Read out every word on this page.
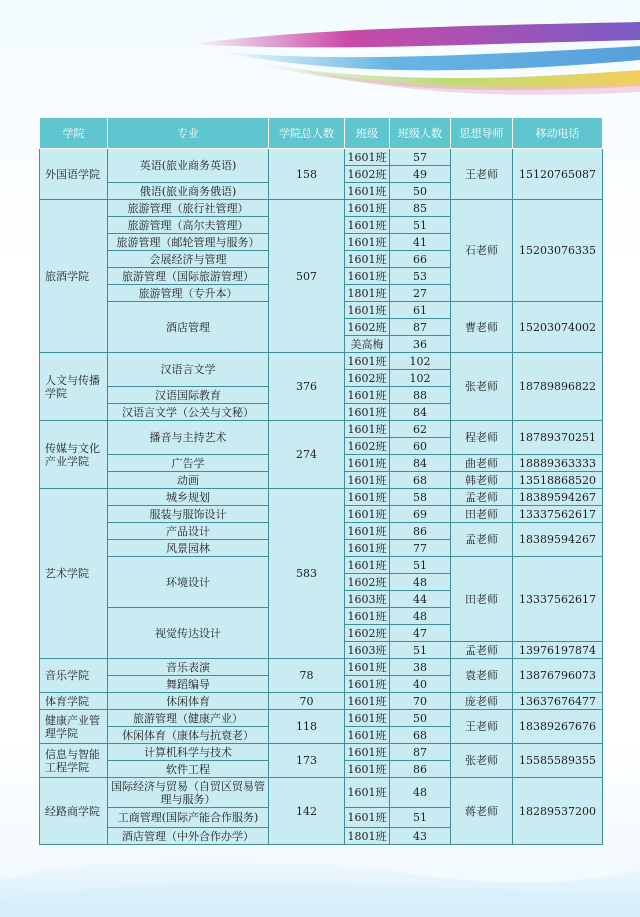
学院	专业	学院总人数	班级	班级人数	思想导师	移动电话
外国语学院	英语(旅业商务英语)	158	1601班	57	王老师	15120765087
			1602班	49		
	俄语(旅业商务俄语)		1601班	50		
旅酒学院	旅游管理（旅行社管理）	507	1601班	85	石老师	15203076335
	旅游管理（高尔夫管理）		1601班	51		
	旅游管理（邮轮管理与服务）		1601班	41		
	会展经济与管理		1601班	66		
	旅游管理（国际旅游管理）		1601班	53		
	旅游管理（专升本）		1801班	27		
	酒店管理		1601班	61	曹老师	15203074002
			1602班	87		
			美高梅	36		
人文与传播学院	汉语言文学	376	1601班	102	张老师	18789896822
			1602班	102		
	汉语国际教育		1601班	88		
	汉语言文学（公关与文秘）		1601班	84		
传媒与文化产业学院	播音与主持艺术	274	1601班	62	程老师	18789370251
			1602班	60		
	广告学		1601班	84	曲老师	18889363333
	动画		1601班	68	韩老师	13518868520
艺术学院	城乡规划	583	1601班	58	孟老师	18389594267
	服装与服饰设计		1601班	69	田老师	13337562617
	产品设计		1601班	86	孟老师	18389594267
	风景园林		1601班	77		
	环境设计		1601班	51	田老师	13337562617
			1602班	48		
			1603班	44		
	视觉传达设计		1601班	48		
			1602班	47		
			1603班	51	孟老师	13976197874
音乐学院	音乐表演	78	1601班	38	袁老师	13876796073
	舞蹈编导		1601班	40		
体育学院	休闲体育	70	1601班	70	庞老师	13637676477
健康产业管理学院	旅游管理（健康产业）	118	1601班	50	王老师	18389267676
	休闲体育（康体与抗衰老）		1601班	68		
信息与智能工程学院	计算机科学与技术	173	1601班	87	张老师	15585589355
	软件工程		1601班	86		
经路商学院	国际经济与贸易（自贸区贸易管理与服务）	142	1601班	48	蒋老师	18289537200
	工商管理(国际产能合作服务)		1601班	51		
	酒店管理（中外合作办学）		1801班	43		
